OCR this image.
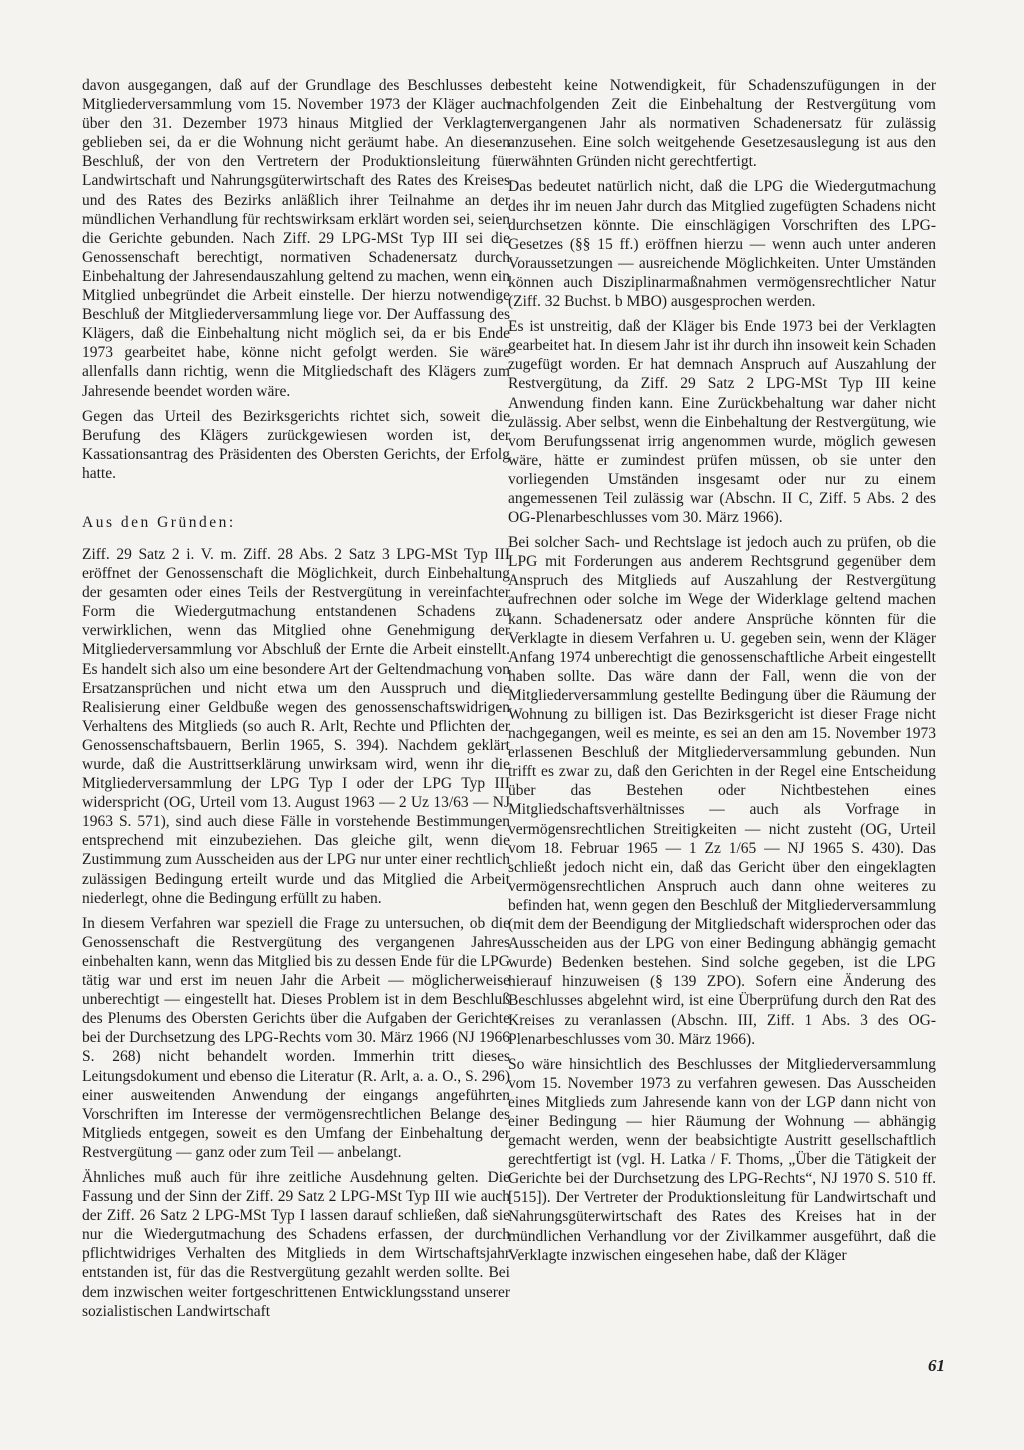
davon ausgegangen, daß auf der Grundlage des Beschlusses der Mitgliederversammlung vom 15. November 1973 der Kläger auch über den 31. Dezember 1973 hinaus Mitglied der Verklagten geblieben sei, da er die Wohnung nicht geräumt habe. An diesen Beschluß, der von den Vertretern der Produktionsleitung für Landwirtschaft und Nahrungsgüterwirtschaft des Rates des Kreises und des Rates des Bezirks anläßlich ihrer Teilnahme an der mündlichen Verhandlung für rechtswirksam erklärt worden sei, seien die Gerichte gebunden. Nach Ziff. 29 LPG-MSt Typ III sei die Genossenschaft berechtigt, normativen Schadenersatz durch Einbehaltung der Jahresendauszahlung geltend zu machen, wenn ein Mitglied unbegründet die Arbeit einstelle. Der hierzu notwendige Beschluß der Mitgliederversammlung liege vor. Der Auffassung des Klägers, daß die Einbehaltung nicht möglich sei, da er bis Ende 1973 gearbeitet habe, könne nicht gefolgt werden. Sie wäre allenfalls dann richtig, wenn die Mitgliedschaft des Klägers zum Jahresende beendet worden wäre.

Gegen das Urteil des Bezirksgerichts richtet sich, soweit die Berufung des Klägers zurückgewiesen worden ist, der Kassationsantrag des Präsidenten des Obersten Gerichts, der Erfolg hatte.

Aus den Gründen:

Ziff. 29 Satz 2 i. V. m. Ziff. 28 Abs. 2 Satz 3 LPG-MSt Typ III eröffnet der Genossenschaft die Möglichkeit, durch Einbehaltung der gesamten oder eines Teils der Restvergütung in vereinfachter Form die Wiedergutmachung entstandenen Schadens zu verwirklichen, wenn das Mitglied ohne Genehmigung der Mitgliederversammlung vor Abschluß der Ernte die Arbeit einstellt. Es handelt sich also um eine besondere Art der Geltendmachung von Ersatzansprüchen und nicht etwa um den Ausspruch und die Realisierung einer Geldbuße wegen des genossenschaftswidrigen Verhaltens des Mitglieds (so auch R. Arlt, Rechte und Pflichten der Genossenschaftsbauern, Berlin 1965, S. 394). Nachdem geklärt wurde, daß die Austrittserklärung unwirksam wird, wenn ihr die Mitgliederversammlung der LPG Typ I oder der LPG Typ III widerspricht (OG, Urteil vom 13. August 1963 — 2 Uz 13/63 — NJ 1963 S. 571), sind auch diese Fälle in vorstehende Bestimmungen entsprechend mit einzubeziehen. Das gleiche gilt, wenn die Zustimmung zum Ausscheiden aus der LPG nur unter einer rechtlich zulässigen Bedingung erteilt wurde und das Mitglied die Arbeit niederlegt, ohne die Bedingung erfüllt zu haben.

In diesem Verfahren war speziell die Frage zu untersuchen, ob die Genossenschaft die Restvergütung des vergangenen Jahres einbehalten kann, wenn das Mitglied bis zu dessen Ende für die LPG tätig war und erst im neuen Jahr die Arbeit — möglicherweise unberechtigt — eingestellt hat. Dieses Problem ist in dem Beschluß des Plenums des Obersten Gerichts über die Aufgaben der Gerichte bei der Durchsetzung des LPG-Rechts vom 30. März 1966 (NJ 1966 S. 268) nicht behandelt worden. Immerhin tritt dieses Leitungsdokument und ebenso die Literatur (R. Arlt, a. a. O., S. 296) einer ausweitenden Anwendung der eingangs angeführten Vorschriften im Interesse der vermögensrechtlichen Belange des Mitglieds entgegen, soweit es den Umfang der Einbehaltung der Restvergütung — ganz oder zum Teil — anbelangt.

Ähnliches muß auch für ihre zeitliche Ausdehnung gelten. Die Fassung und der Sinn der Ziff. 29 Satz 2 LPG-MSt Typ III wie auch der Ziff. 26 Satz 2 LPG-MSt Typ I lassen darauf schließen, daß sie nur die Wiedergutmachung des Schadens erfassen, der durch pflichtwidriges Verhalten des Mitglieds in dem Wirtschaftsjahr entstanden ist, für das die Restvergütung gezahlt werden sollte. Bei dem inzwischen weiter fortgeschrittenen Entwicklungsstand unserer sozialistischen Landwirtschaft

besteht keine Notwendigkeit, für Schadenszufügungen in der nachfolgenden Zeit die Einbehaltung der Restvergütung vom vergangenen Jahr als normativen Schadenersatz für zulässig anzusehen. Eine solch weitgehende Gesetzesauslegung ist aus den erwähnten Gründen nicht gerechtfertigt.

Das bedeutet natürlich nicht, daß die LPG die Wiedergutmachung des ihr im neuen Jahr durch das Mitglied zugefügten Schadens nicht durchsetzen könnte. Die einschlägigen Vorschriften des LPG-Gesetzes (§§ 15 ff.) eröffnen hierzu — wenn auch unter anderen Voraussetzungen — ausreichende Möglichkeiten. Unter Umständen können auch Disziplinarmaßnahmen vermögensrechtlicher Natur (Ziff. 32 Buchst. b MBO) ausgesprochen werden.

Es ist unstreitig, daß der Kläger bis Ende 1973 bei der Verklagten gearbeitet hat. In diesem Jahr ist ihr durch ihn insoweit kein Schaden zugefügt worden. Er hat demnach Anspruch auf Auszahlung der Restvergütung, da Ziff. 29 Satz 2 LPG-MSt Typ III keine Anwendung finden kann. Eine Zurückbehaltung war daher nicht zulässig. Aber selbst, wenn die Einbehaltung der Restvergütung, wie vom Berufungssenat irrig angenommen wurde, möglich gewesen wäre, hätte er zumindest prüfen müssen, ob sie unter den vorliegenden Umständen insgesamt oder nur zu einem angemessenen Teil zulässig war (Abschn. II C, Ziff. 5 Abs. 2 des OG-Plenarbeschlusses vom 30. März 1966).

Bei solcher Sach- und Rechtslage ist jedoch auch zu prüfen, ob die LPG mit Forderungen aus anderem Rechtsgrund gegenüber dem Anspruch des Mitglieds auf Auszahlung der Restvergütung aufrechnen oder solche im Wege der Widerklage geltend machen kann. Schadenersatz oder andere Ansprüche könnten für die Verklagte in diesem Verfahren u. U. gegeben sein, wenn der Kläger Anfang 1974 unberechtigt die genossenschaftliche Arbeit eingestellt haben sollte. Das wäre dann der Fall, wenn die von der Mitgliederversammlung gestellte Bedingung über die Räumung der Wohnung zu billigen ist. Das Bezirksgericht ist dieser Frage nicht nachgegangen, weil es meinte, es sei an den am 15. November 1973 erlassenen Beschluß der Mitgliederversammlung gebunden. Nun trifft es zwar zu, daß den Gerichten in der Regel eine Entscheidung über das Bestehen oder Nichtbestehen eines Mitgliedschaftsverhältnisses — auch als Vorfrage in vermögensrechtlichen Streitigkeiten — nicht zusteht (OG, Urteil vom 18. Februar 1965 — 1 Zz 1/65 — NJ 1965 S. 430). Das schließt jedoch nicht ein, daß das Gericht über den eingeklagten vermögensrechtlichen Anspruch auch dann ohne weiteres zu befinden hat, wenn gegen den Beschluß der Mitgliederversammlung (mit dem der Beendigung der Mitgliedschaft widersprochen oder das Ausscheiden aus der LPG von einer Bedingung abhängig gemacht wurde) Bedenken bestehen. Sind solche gegeben, ist die LPG hierauf hinzuweisen (§ 139 ZPO). Sofern eine Änderung des Beschlusses abgelehnt wird, ist eine Überprüfung durch den Rat des Kreises zu veranlassen (Abschn. III, Ziff. 1 Abs. 3 des OG-Plenarbeschlusses vom 30. März 1966).

So wäre hinsichtlich des Beschlusses der Mitgliederversammlung vom 15. November 1973 zu verfahren gewesen. Das Ausscheiden eines Mitglieds zum Jahresende kann von der LGP dann nicht von einer Bedingung — hier Räumung der Wohnung — abhängig gemacht werden, wenn der beabsichtigte Austritt gesellschaftlich gerechtfertigt ist (vgl. H. Latka / F. Thoms, „Über die Tätigkeit der Gerichte bei der Durchsetzung des LPG-Rechts“, NJ 1970 S. 510 ff. [515]). Der Vertreter der Produktionsleitung für Landwirtschaft und Nahrungsgüterwirtschaft des Rates des Kreises hat in der mündlichen Verhandlung vor der Zivilkammer ausgeführt, daß die Verklagte inzwischen eingesehen habe, daß der Kläger

61
